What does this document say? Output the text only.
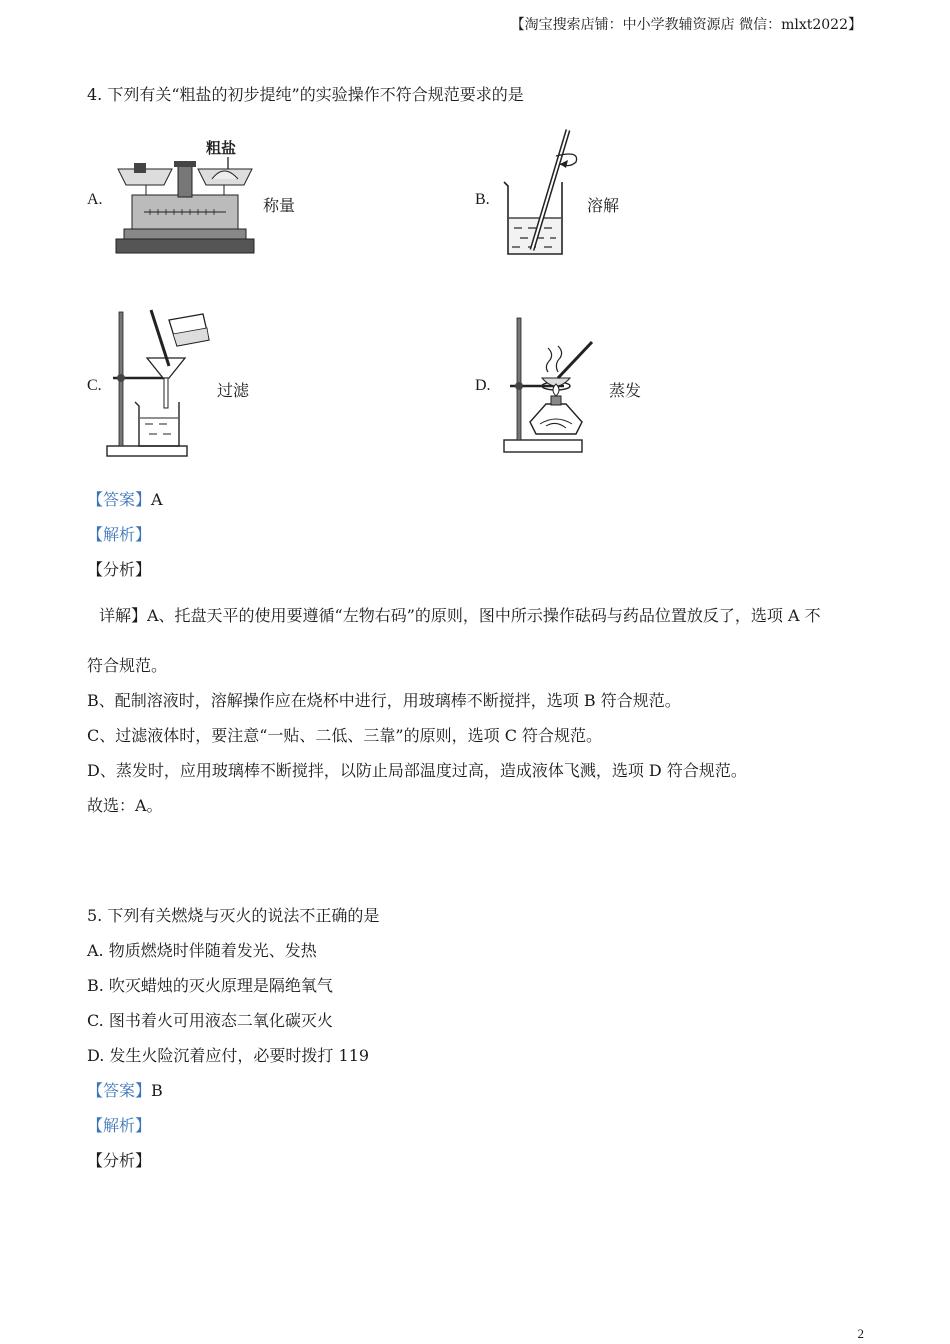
【淘宝搜索店铺：中小学教辅资源店 微信：mlxt2022】
4. 下列有关“粗盐的初步提纯”的实验操作不符合规范要求的是
A.
粗盐
称量	B.	溶解
C.	过滤	D.	蒸发
【答案】A
【解析】
【分析】
详解】A、托盘天平的使用要遵循“左物右码”的原则，图中所示操作砝码与药品位置放反了，选项 A 不
符合规范。
B、配制溶液时，溶解操作应在烧杯中进行，用玻璃棒不断搅拌，选项 B 符合规范。
C、过滤液体时，要注意“一贴、二低、三靠”的原则，选项 C 符合规范。
D、蒸发时，应用玻璃棒不断搅拌，以防止局部温度过高，造成液体飞溅，选项 D 符合规范。
故选：A。
5. 下列有关燃烧与灭火的说法不正确的是
A. 物质燃烧时伴随着发光、发热
B. 吹灭蜡烛的灭火原理是隔绝氧气
C. 图书着火可用液态二氧化碳灭火
D. 发生火险沉着应付，必要时拨打 119
【答案】B
【解析】
【分析】
2
